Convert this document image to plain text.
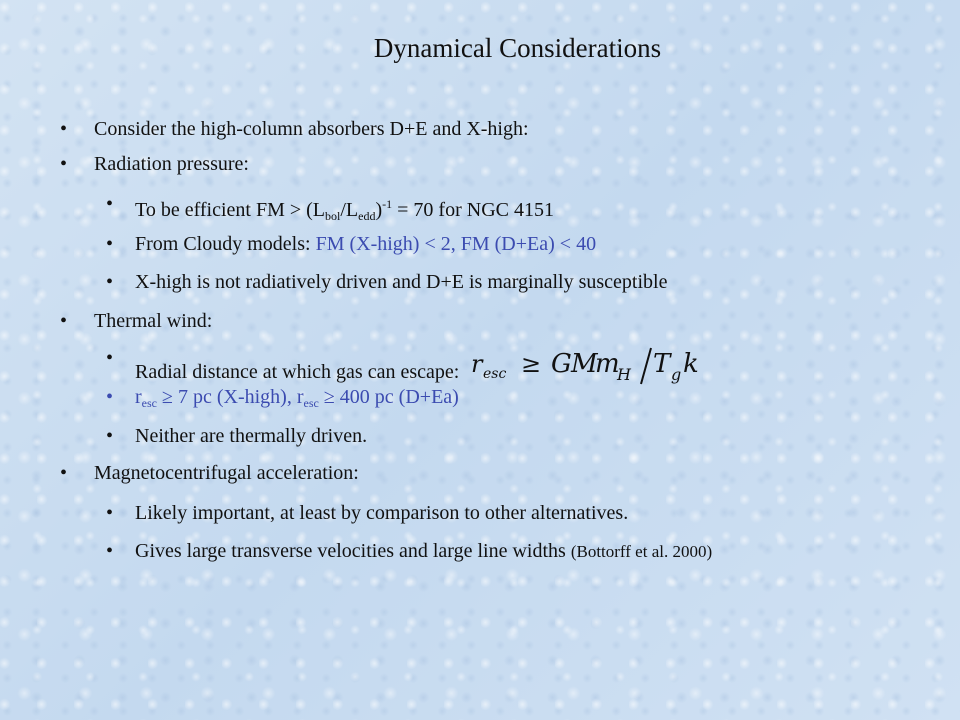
Dynamical Considerations
• Consider the high-column absorbers D+E and X-high:
• Radiation pressure:
• To be efficient FM > $(L_{bol}/L_{edd})^{-1} = 70$ for NGC 4151
• From Cloudy models: FM (X-high) < 2, FM (D+Ea) < 40
• X-high is not radiatively driven and D+E is marginally susceptible
• Thermal wind:
•
Radial distance at which gas can escape: r esc ≥ G M
m
H T g k
• $r_{esc} \ge 7$ pc (X-high), $r_{esc} \ge 400$ pc (D+Ea)
• Neither are thermally driven.
• Magnetocentrifugal acceleration:
• Likely important, at least by comparison to other alternatives.
• Gives large transverse velocities and large line widths (Bottorff et al. 2000)
